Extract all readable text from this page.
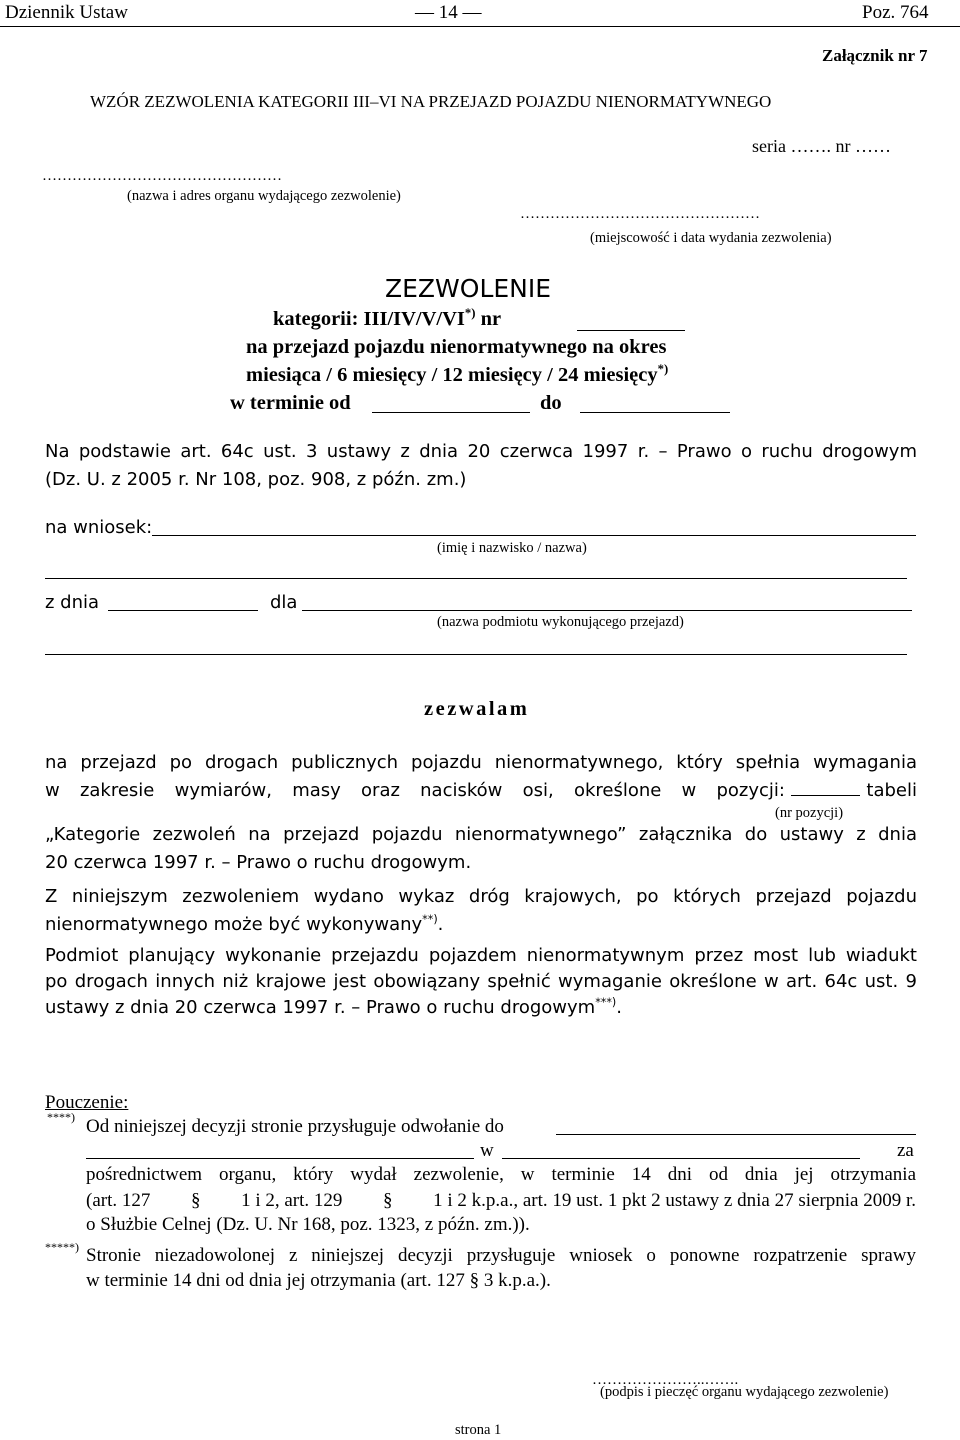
Dziennik Ustaw	— 14 —	Poz. 764
Załącznik nr 7
WZÓR ZEZWOLENIA KATEGORII III–VI NA PRZEJAZD POJAZDU NIENORMATYWNEGO
…………………………………………
(nazwa i adres organu wydającego zezwolenie)
seria ……. nr ……
…………………………………………
(miejscowość i data wydania zezwolenia)
ZEZWOLENIE
kategorii: III/IV/V/VI*) nr
na przejazd pojazdu nienormatywnego na okres
miesiąca / 6 miesięcy / 12 miesięcy / 24 miesięcy*)
w terminie od	do
Na podstawie art. 64c ust. 3 ustawy z dnia 20 czerwca 1997 r. – Prawo o ruchu drogowym
(Dz. U. z 2005 r. Nr 108, poz. 908, z późn. zm.)
na wniosek:
(imię i nazwisko / nazwa)
z dnia	dla
(nazwa podmiotu wykonującego przejazd)
zezwalam
na przejazd po drogach publicznych pojazdu nienormatywnego, który spełnia wymagania
w zakresie wymiarów, masy oraz nacisków osi, określone w pozycji:	tabeli
(nr pozycji)
„Kategorie zezwoleń na przejazd pojazdu nienormatywnego” załącznika do ustawy z dnia
20 czerwca 1997 r. – Prawo o ruchu drogowym.
Z niniejszym zezwoleniem wydano wykaz dróg krajowych, po których przejazd pojazdu
nienormatywnego może być wykonywany**).
Podmiot planujący wykonanie przejazdu pojazdem nienormatywnym przez most lub wiadukt
po drogach innych niż krajowe jest obowiązany spełnić wymaganie określone w art. 64c ust. 9
ustawy z dnia 20 czerwca 1997 r. – Prawo o ruchu drogowym***).
Pouczenie:
****) Od niniejszej decyzji stronie przysługuje odwołanie do
w	za
pośrednictwem organu, który wydał zezwolenie, w terminie 14 dni od dnia jej otrzymania
(art. 127 § 1 i 2, art. 129 § 1 i 2 k.p.a., art. 19 ust. 1 pkt 2 ustawy z dnia 27 sierpnia 2009 r.
o Służbie Celnej (Dz. U. Nr 168, poz. 1323, z późn. zm.)).
*****) Stronie niezadowolonej z niniejszej decyzji przysługuje wniosek o ponowne rozpatrzenie sprawy
w terminie 14 dni od dnia jej otrzymania (art. 127 § 3 k.p.a.).
…………………..…….
(podpis i pieczęć organu wydającego zezwolenie)
strona 1
